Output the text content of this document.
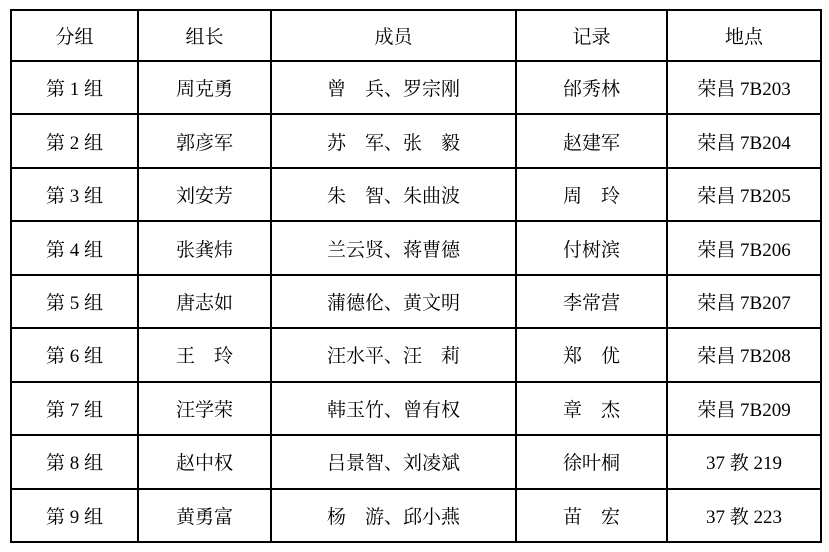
分组	组长	成员	记录	地点
第 1 组	周克勇	曾　兵、罗宗刚	邰秀林	荣昌 7B203
第 2 组	郭彦军	苏　军、张　毅	赵建军	荣昌 7B204
第 3 组	刘安芳	朱　智、朱曲波	周　玲	荣昌 7B205
第 4 组	张龚炜	兰云贤、蒋曹德	付树滨	荣昌 7B206
第 5 组	唐志如	蒲德伦、黄文明	李常营	荣昌 7B207
第 6 组	王　玲	汪水平、汪　莉	郑　优	荣昌 7B208
第 7 组	汪学荣	韩玉竹、曾有权	章　杰	荣昌 7B209
第 8 组	赵中权	吕景智、刘凌斌	徐叶桐	37 教 219
第 9 组	黄勇富	杨　游、邱小燕	苗　宏	37 教 223
